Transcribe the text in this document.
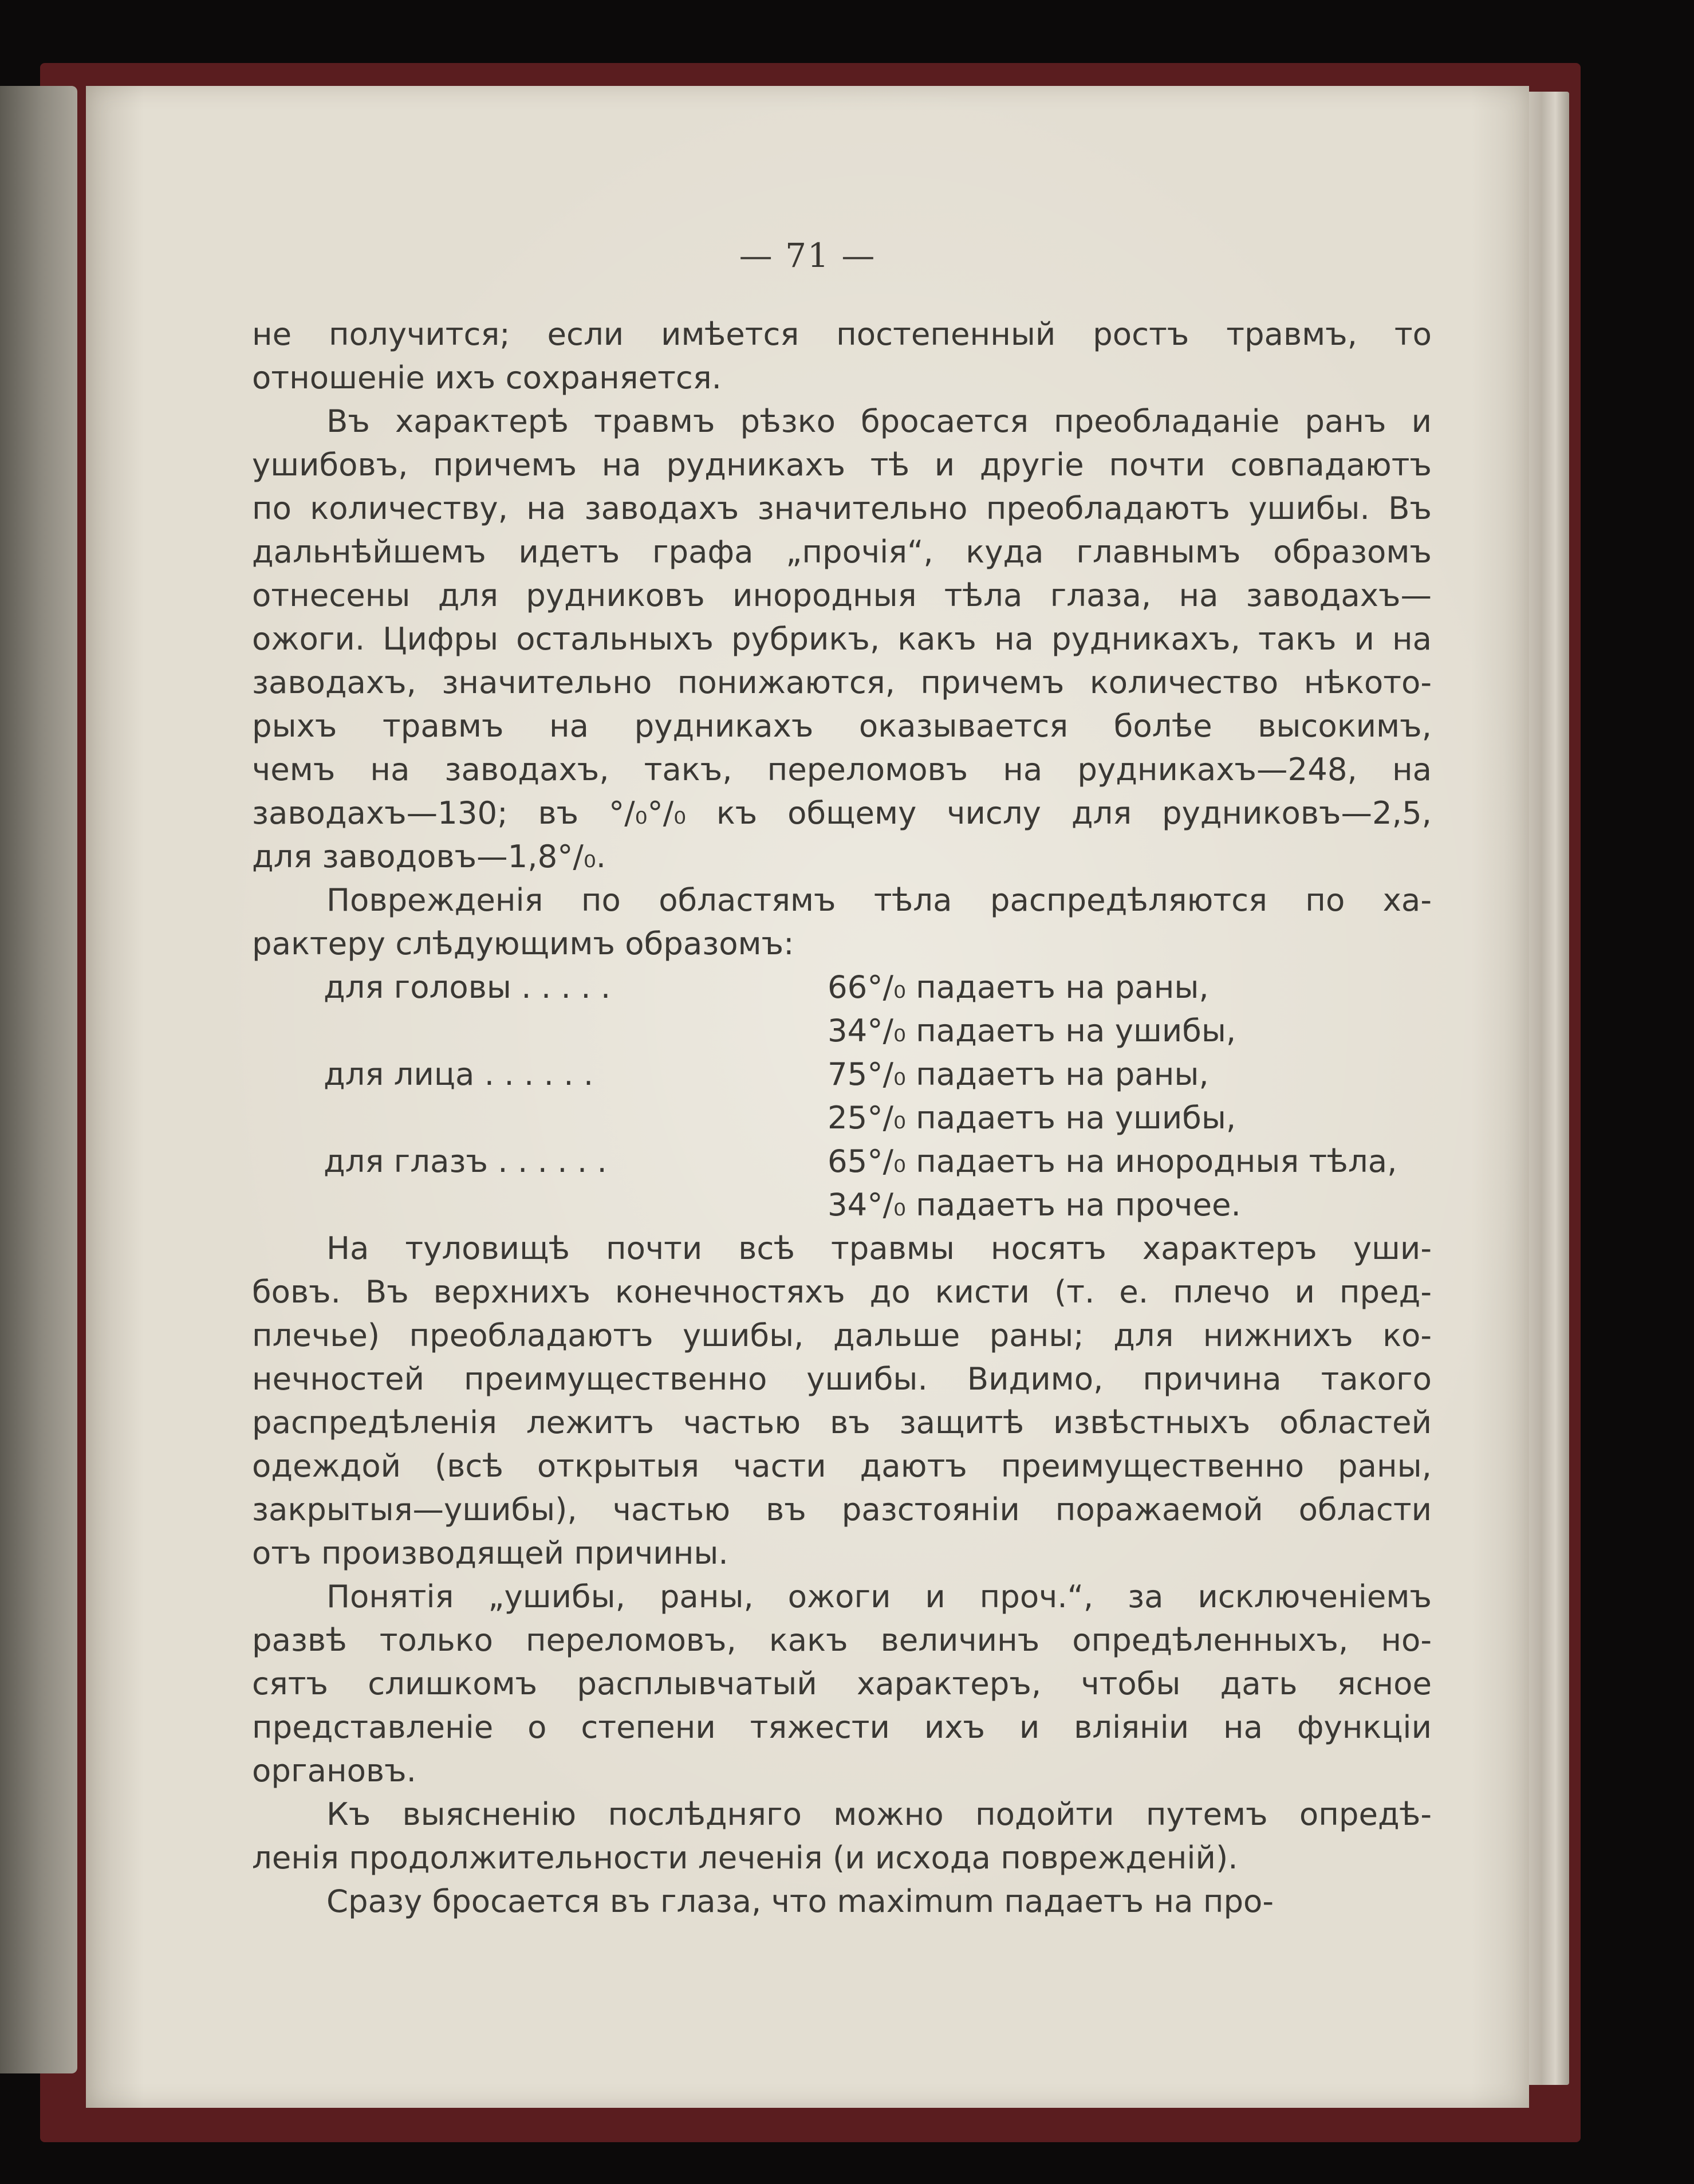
— 71 —
не получится; если имѣется постепенный ростъ травмъ, то
отношеніе ихъ сохраняется.
Въ характерѣ травмъ рѣзко бросается преобладаніе ранъ и
ушибовъ, причемъ на рудникахъ тѣ и другіе почти совпадаютъ
по количеству, на заводахъ значительно преобладаютъ ушибы. Въ
дальнѣйшемъ идетъ графа „прочія“, куда главнымъ образомъ
отнесены для рудниковъ инородныя тѣла глаза, на заводахъ—
ожоги. Цифры остальныхъ рубрикъ, какъ на рудникахъ, такъ и на
заводахъ, значительно понижаются, причемъ количество нѣкото-
рыхъ травмъ на рудникахъ оказывается болѣе высокимъ,
чемъ на заводахъ, такъ, переломовъ на рудникахъ—248, на
заводахъ—130; въ °/₀°/₀ къ общему числу для рудниковъ—2,5,
для заводовъ—1,8°/₀.
Поврежденія по областямъ тѣла распредѣляются по ха-
рактеру слѣдующимъ образомъ:
для головы . . . . .	66°/₀ падаетъ на раны,
34°/₀ падаетъ на ушибы,
для лица . . . . . .	75°/₀ падаетъ на раны,
25°/₀ падаетъ на ушибы,
для глазъ . . . . . .	65°/₀ падаетъ на инородныя тѣла,
34°/₀ падаетъ на прочее.
На туловищѣ почти всѣ травмы носятъ характеръ уши-
бовъ. Въ верхнихъ конечностяхъ до кисти (т. е. плечо и пред-
плечье) преобладаютъ ушибы, дальше раны; для нижнихъ ко-
нечностей преимущественно ушибы. Видимо, причина такого
распредѣленія лежитъ частью въ защитѣ извѣстныхъ областей
одеждой (всѣ открытыя части даютъ преимущественно раны,
закрытыя—ушибы), частью въ разстояніи поражаемой области
отъ производящей причины.
Понятія „ушибы, раны, ожоги и проч.“, за исключеніемъ
развѣ только переломовъ, какъ величинъ опредѣленныхъ, но-
сятъ слишкомъ расплывчатый характеръ, чтобы дать ясное
представленіе о степени тяжести ихъ и вліяніи на функціи
органовъ.
Къ выясненію послѣдняго можно подойти путемъ опредѣ-
ленія продолжительности леченія (и исхода поврежденій).
Сразу бросается въ глаза, что maximum падаетъ на про-
